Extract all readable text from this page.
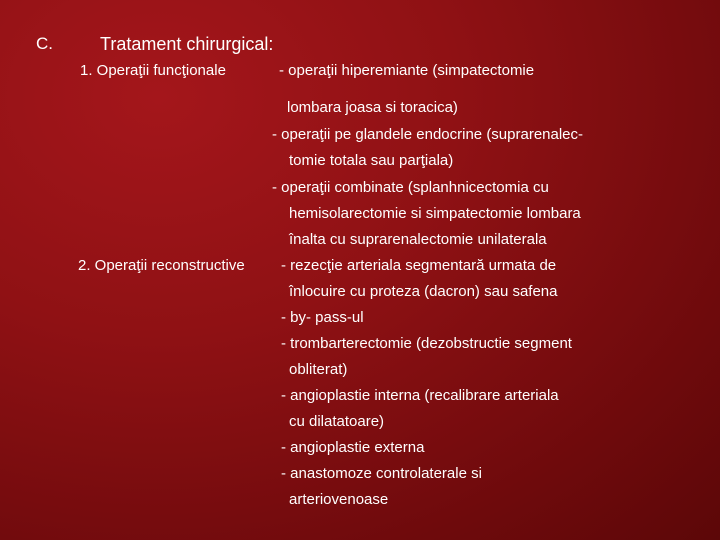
C.	Tratament chirurgical:
1. Operaţii funcţionale	- operaţii hiperemiante (simpatectomie
lombara joasa si toracica)
- operaţii pe glandele endocrine (suprarenalec-
tomie totala sau parţiala)
- operaţii combinate (splanhnicectomia cu
hemisolarectomie si simpatectomie lombara
înalta cu suprarenalectomie unilaterala
2. Operaţii reconstructive - rezecţie arteriala segmentară urmata de
înlocuire cu proteza (dacron) sau safena
- by- pass-ul
- trombarterectomie (dezobstructie segment
obliterat)
- angioplastie interna (recalibrare arteriala
cu dilatatoare)
- angioplastie externa
- anastomoze controlaterale si
arteriovenoase
